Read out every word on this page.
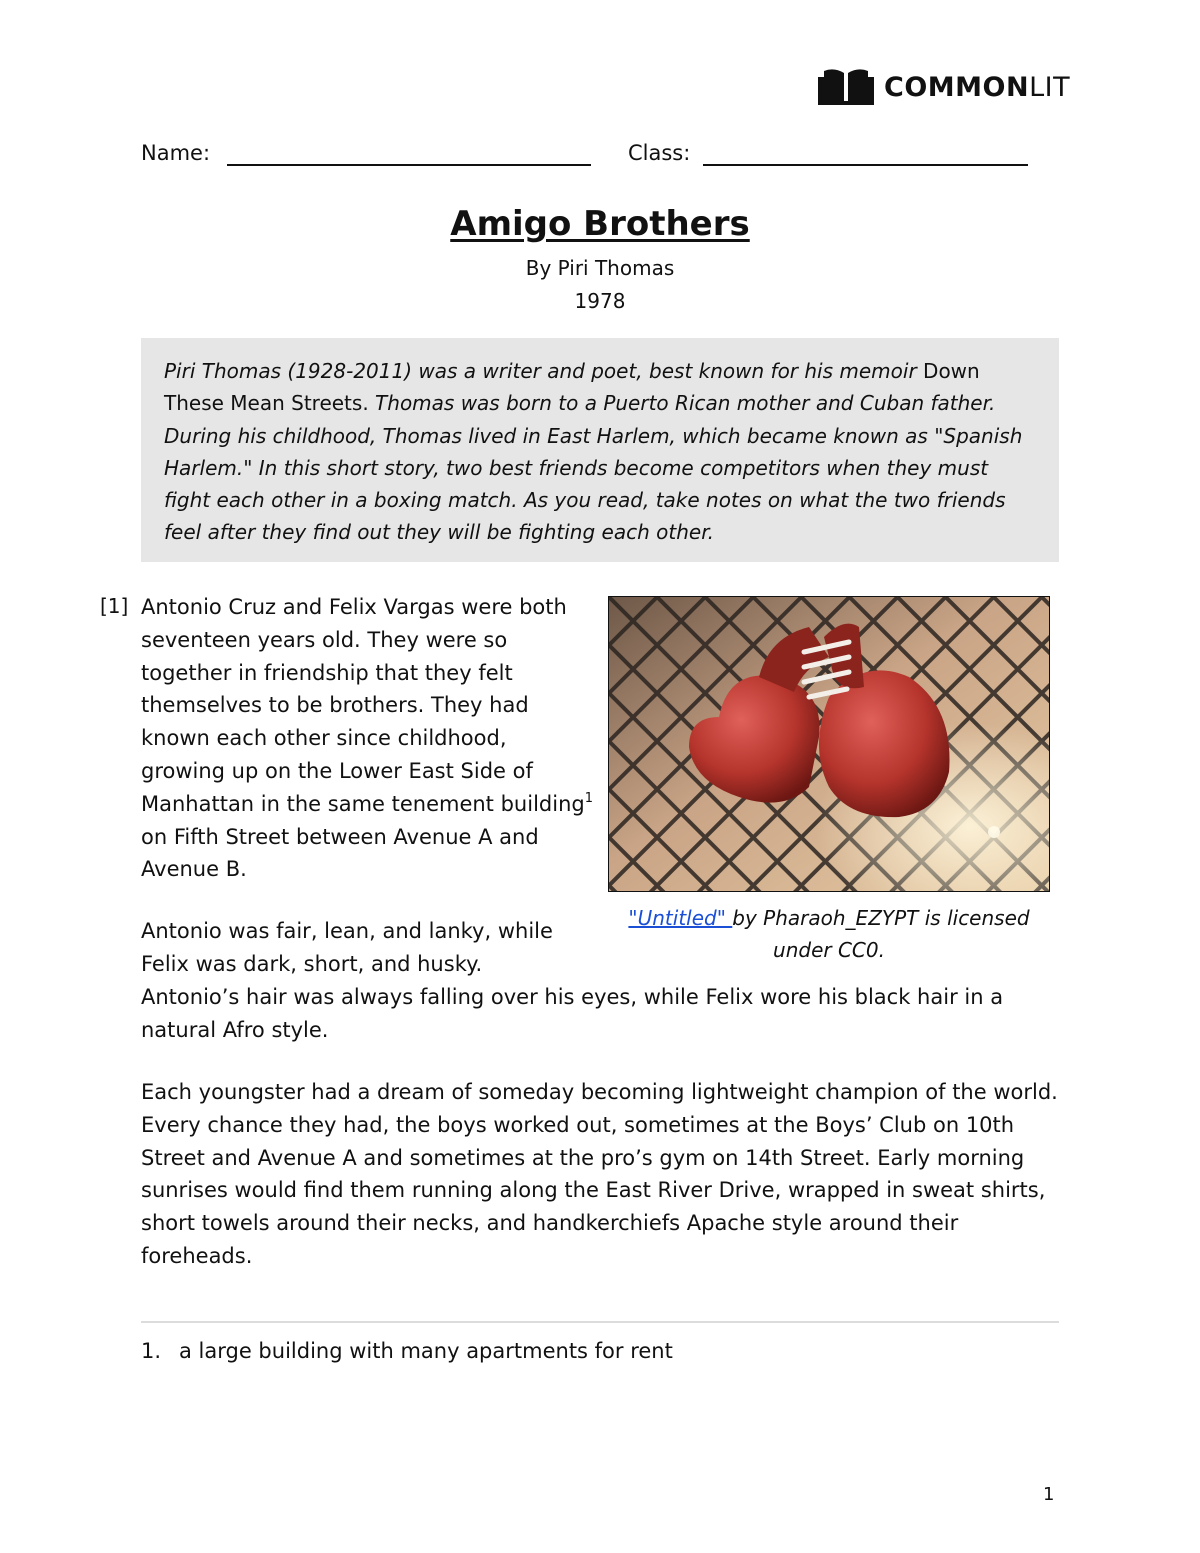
COMMONLIT
Name:	Class:
Amigo Brothers
By Piri Thomas
1978

Piri Thomas (1928-2011) was a writer and poet, best known for his memoir Down These Mean Streets. Thomas was born to a Puerto Rican mother and Cuban father. During his childhood, Thomas lived in East Harlem, which became known as "Spanish Harlem." In this short story, two best friends become competitors when they must fight each other in a boxing match. As you read, take notes on what the two friends feel after they find out they will be fighting each other.

[1] Antonio Cruz and Felix Vargas were both seventeen years old. They were so together in friendship that they felt themselves to be brothers. They had known each other since childhood, growing up on the Lower East Side of Manhattan in the same tenement building$^1$ on Fifth Street between Avenue A and Avenue B.

"Untitled" by Pharaoh_EZYPT is licensed under CC0.

Antonio was fair, lean, and lanky, while Felix was dark, short, and husky.

Antonio’s hair was always falling over his eyes, while Felix wore his black hair in a natural Afro style.

Each youngster had a dream of someday becoming lightweight champion of the world. Every chance they had, the boys worked out, sometimes at the Boys’ Club on 10th Street and Avenue A and sometimes at the pro’s gym on 14th Street. Early morning sunrises would find them running along the East River Drive, wrapped in sweat shirts, short towels around their necks, and handkerchiefs Apache style around their foreheads.

1. a large building with many apartments for rent
1
